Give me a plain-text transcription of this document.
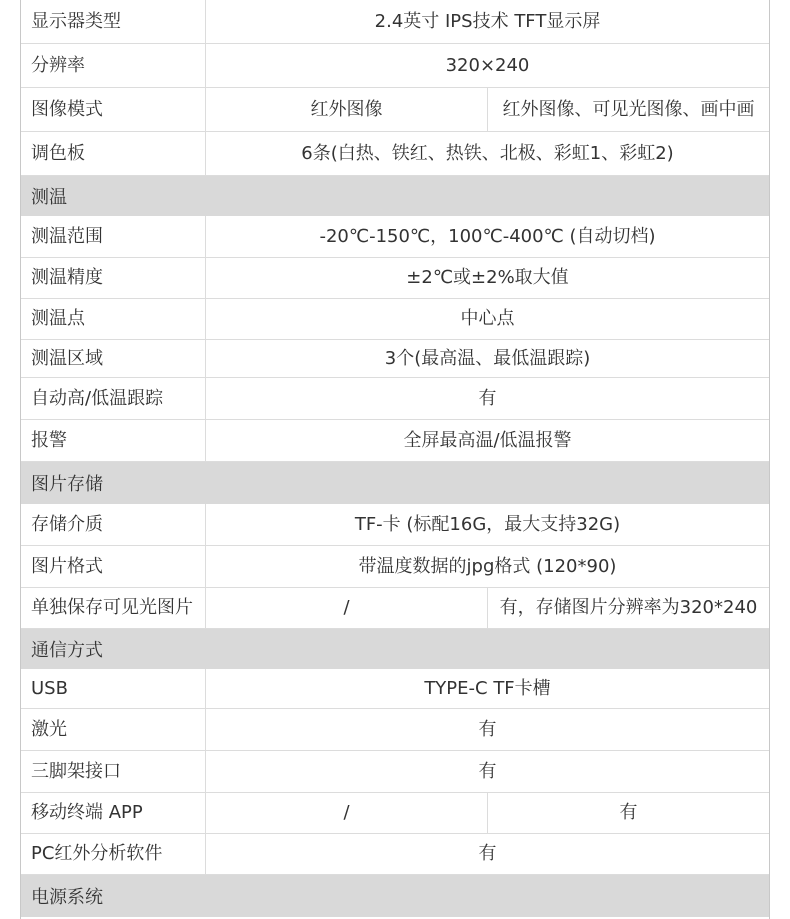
显示器类型	2.4英寸 IPS技术 TFT显示屏
分辨率	320×240
图像模式	红外图像	红外图像、可见光图像、画中画
调色板	6条(白热、铁红、热铁、北极、彩虹1、彩虹2)
测温
测温范围	-20℃-150℃，100℃-400℃ (自动切档)
测温精度	±2℃或±2%取大值
测温点	中心点
测温区域	3个(最高温、最低温跟踪)
自动高/低温跟踪	有
报警	全屏最高温/低温报警
图片存储
存储介质	TF-卡 (标配16G，最大支持32G)
图片格式	带温度数据的jpg格式 (120*90)
单独保存可见光图片	/	有，存储图片分辨率为320*240
通信方式
USB	TYPE-C TF卡槽
激光	有
三脚架接口	有
移动终端 APP	/	有
PC红外分析软件	有
电源系统
